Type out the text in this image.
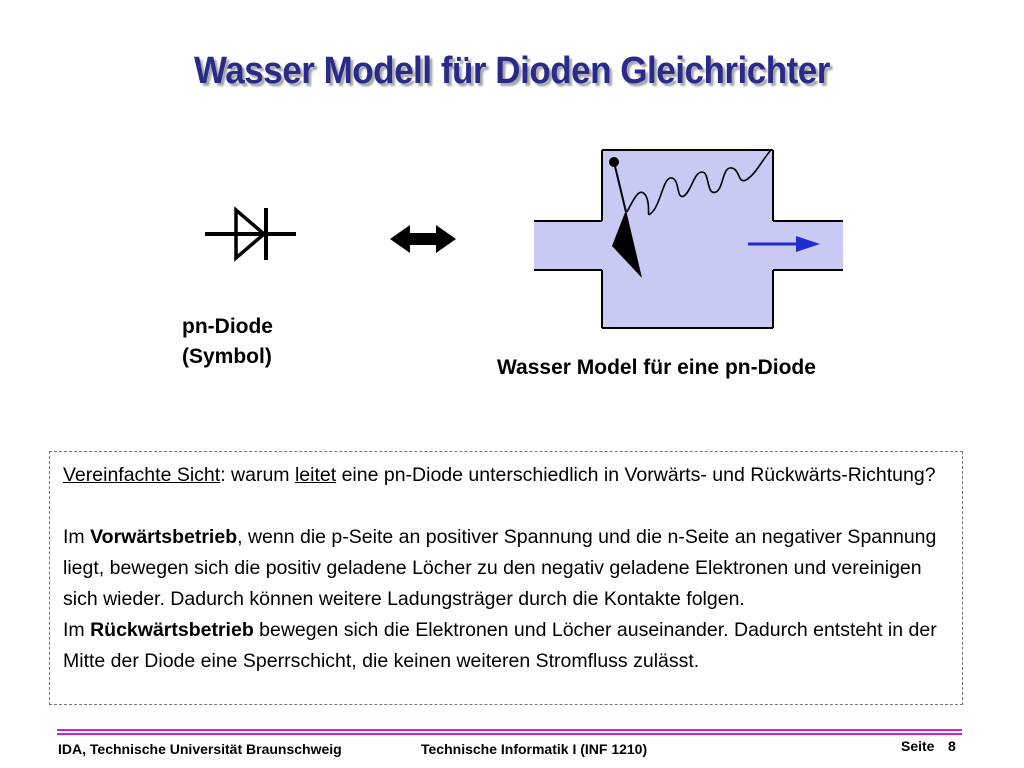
Wasser Modell für Dioden Gleichrichter
pn-Diode
(Symbol)	Wasser Model für eine pn-Diode

Vereinfachte Sicht: warum leitet eine pn-Diode unterschiedlich in Vorwärts- und Rückwärts-Richtung?

Im Vorwärtsbetrieb, wenn die p-Seite an positiver Spannung und die n-Seite an negativer Spannung liegt, bewegen sich die positiv geladene Löcher zu den negativ geladene Elektronen und vereinigen sich wieder. Dadurch können weitere Ladungsträger durch die Kontakte folgen.

Im Rückwärtsbetrieb bewegen sich die Elektronen und Löcher auseinander. Dadurch entsteht in der Mitte der Diode eine Sperrschicht, die keinen weiteren Stromfluss zulässt.

IDA, Technische Universität Braunschweig	Technische Informatik I (INF 1210)	Seite 8
